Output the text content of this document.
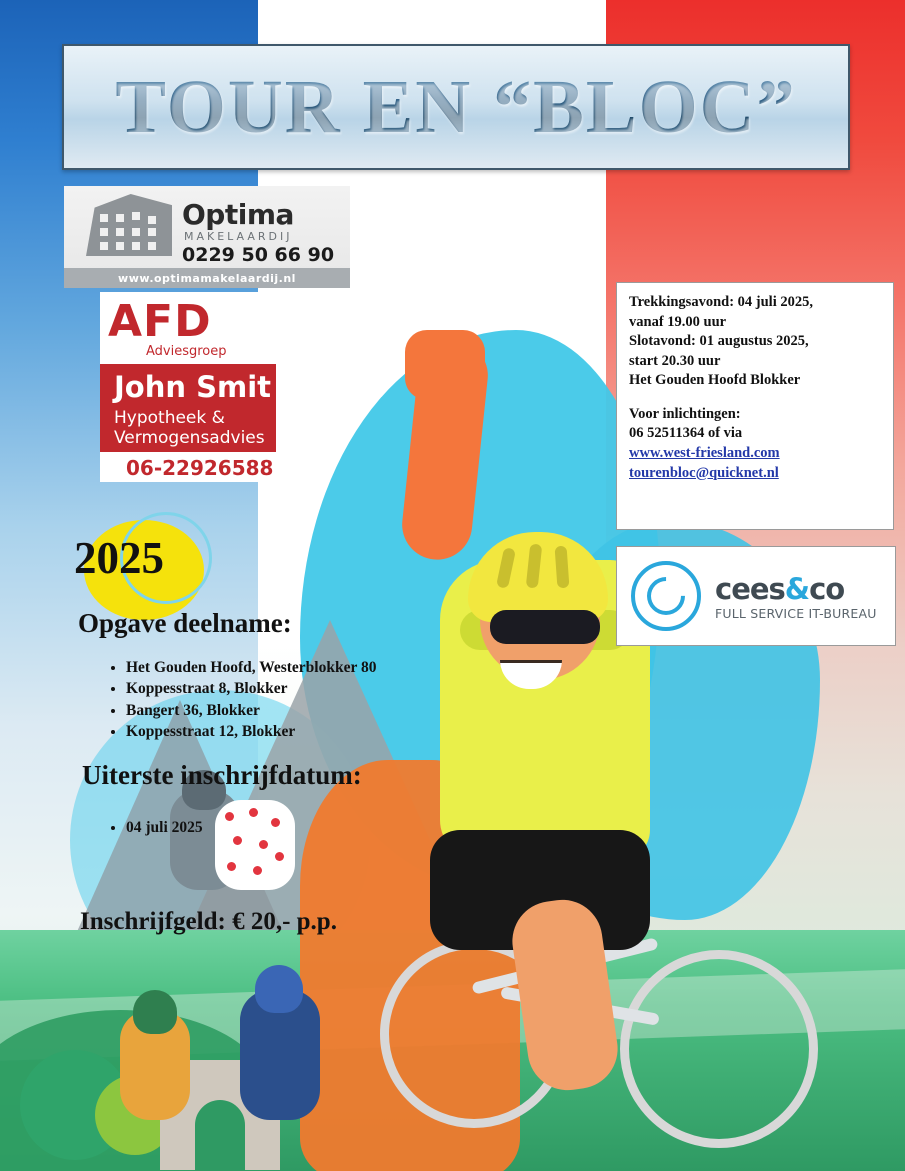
TOUR EN “BLOC”
Optima
MAKELAARDIJ
0229 50 66 90
www.optimamakelaardij.nl
AFD
Adviesgroep
John Smit
Hypotheek &
Vermogensadvies
06-22926588
2025
Opgave deelname:
• Het Gouden Hoofd, Westerblokker 80
• Koppesstraat 8, Blokker
• Bangert 36, Blokker
• Koppesstraat 12, Blokker
Uiterste inschrijfdatum:
• 04 juli 2025
Inschrijfgeld: € 20,- p.p.
Trekkingsavond: 04 juli 2025,
vanaf 19.00 uur
Slotavond: 01 augustus 2025,
start 20.30 uur
Het Gouden Hoofd Blokker
Voor inlichtingen:
06 52511364 of via
www.west-friesland.com
tourenbloc@quicknet.nl
cees&co
FULL SERVICE IT-BUREAU
